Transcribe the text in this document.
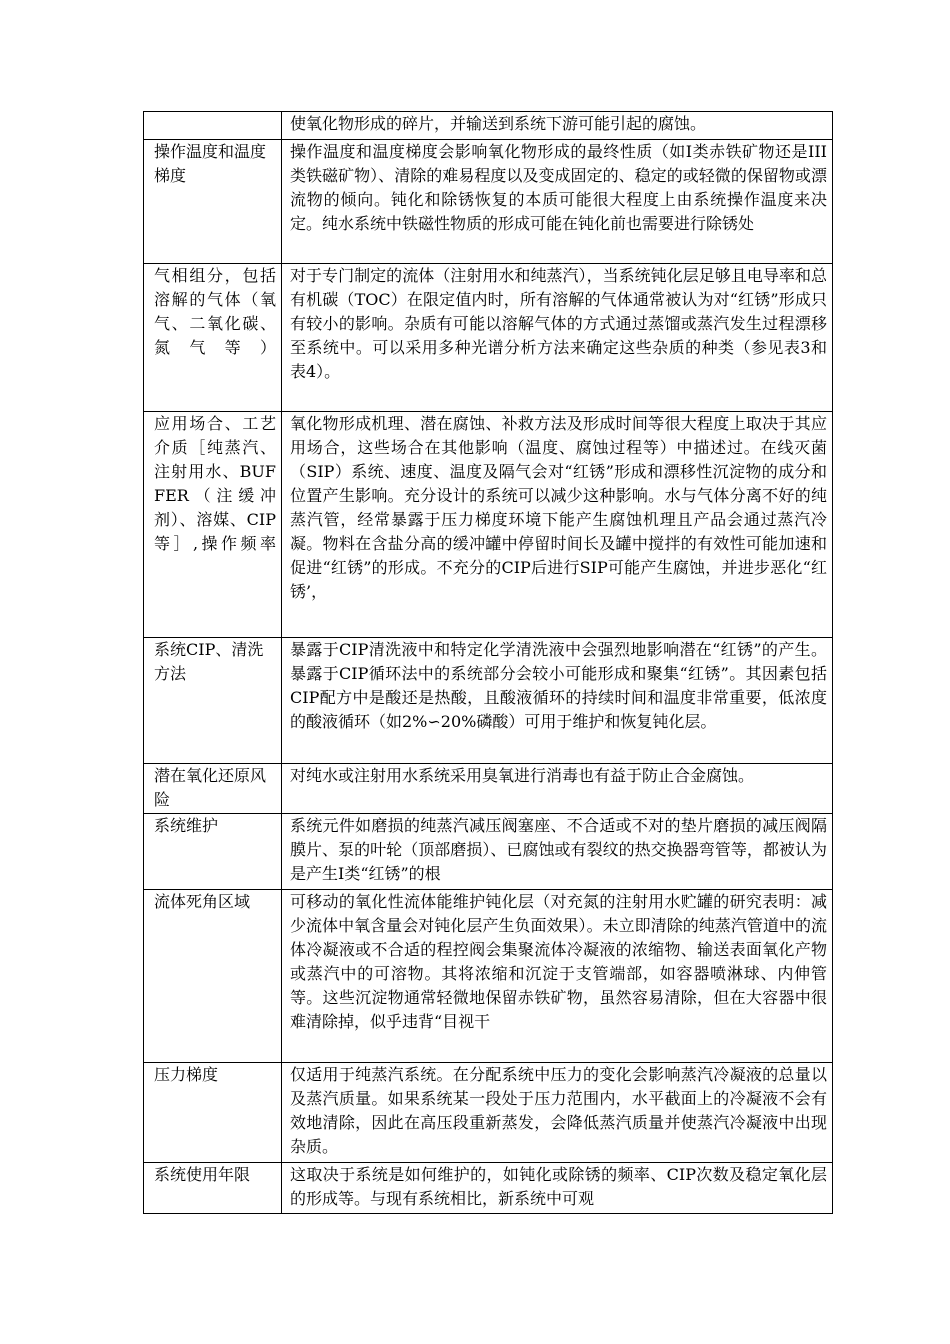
	使氧化物形成的碎片，并输送到系统下游可能引起的腐蚀。

操作温度和温度梯度	操作温度和温度梯度会影响氧化物形成的最终性质（如Ⅰ类赤铁矿物还是III类铁磁矿物）、清除的难易程度以及变成固定的、稳定的或轻微的保留物或漂流物的倾向。钝化和除锈恢复的本质可能很大程度上由系统操作温度来决定。纯水系统中铁磁性物质的形成可能在钝化前也需要进行除锈处

气相组分，包括溶解的气体（氧气、二氧化碳、氮气等）	对于专门制定的流体（注射用水和纯蒸汽），当系统钝化层足够且电导率和总有机碳（TOC）在限定值内时，所有溶解的气体通常被认为对“红锈”形成只有较小的影响。杂质有可能以溶解气体的方式通过蒸馏或蒸汽发生过程漂移至系统中。可以采用多种光谱分析方法来确定这些杂质的种类（参见表3和表4）。

应用场合、工艺介质［纯蒸汽、注射用水、BUFFER（注缓冲剂）、溶媒、CIP等］,操作频率	氧化物形成机理、潜在腐蚀、补救方法及形成时间等很大程度上取决于其应用场合，这些场合在其他影响（温度、腐蚀过程等）中描述过。在线灭菌（SIP）系统、速度、温度及隔气会对“红锈”形成和漂移性沉淀物的成分和位置产生影响。充分设计的系统可以减少这种影响。水与气体分离不好的纯蒸汽管，经常暴露于压力梯度环境下能产生腐蚀机理且产品会通过蒸汽冷凝。物料在含盐分高的缓冲罐中停留时间长及罐中搅拌的有效性可能加速和促进“红锈”的形成。不充分的CIP后进行SIP可能产生腐蚀，并进步恶化“红锈’，

系统CIP、清洗方法	暴露于CIP清洗液中和特定化学清洗液中会强烈地影响潜在“红锈”的产生。暴露于CIP循环法中的系统部分会较小可能形成和聚集“红锈”。其因素包括CIP配方中是酸还是热酸，且酸液循环的持续时间和温度非常重要，低浓度的酸液循环（如2%∽20%磷酸）可用于维护和恢复钝化层。

潜在氧化还原风险	对纯水或注射用水系统采用臭氧进行消毒也有益于防止合金腐蚀。

系统维护	系统元件如磨损的纯蒸汽减压阀塞座、不合适或不对的垫片磨损的减压阀隔膜片、泵的叶轮（顶部磨损）、已腐蚀或有裂纹的热交换器弯管等，都被认为是产生Ⅰ类“红锈”的根

流体死角区域	可移动的氧化性流体能维护钝化层（对充氮的注射用水贮罐的研究表明：减少流体中氧含量会对钝化层产生负面效果）。未立即清除的纯蒸汽管道中的流体冷凝液或不合适的程控阀会集聚流体冷凝液的浓缩物、输送表面氧化产物或蒸汽中的可溶物。其将浓缩和沉淀于支管端部，如容器喷淋球、内伸管等。这些沉淀物通常轻微地保留赤铁矿物，虽然容易清除，但在大容器中很难清除掉，似乎违背“目视干

压力梯度	仅适用于纯蒸汽系统。在分配系统中压力的变化会影响蒸汽冷凝液的总量以及蒸汽质量。如果系统某一段处于压力范围内，水平截面上的冷凝液不会有效地清除，因此在高压段重新蒸发，会降低蒸汽质量并使蒸汽冷凝液中出现杂质。

系统使用年限	这取决于系统是如何维护的，如钝化或除锈的频率、CIP次数及稳定氧化层的形成等。与现有系统相比，新系统中可观
